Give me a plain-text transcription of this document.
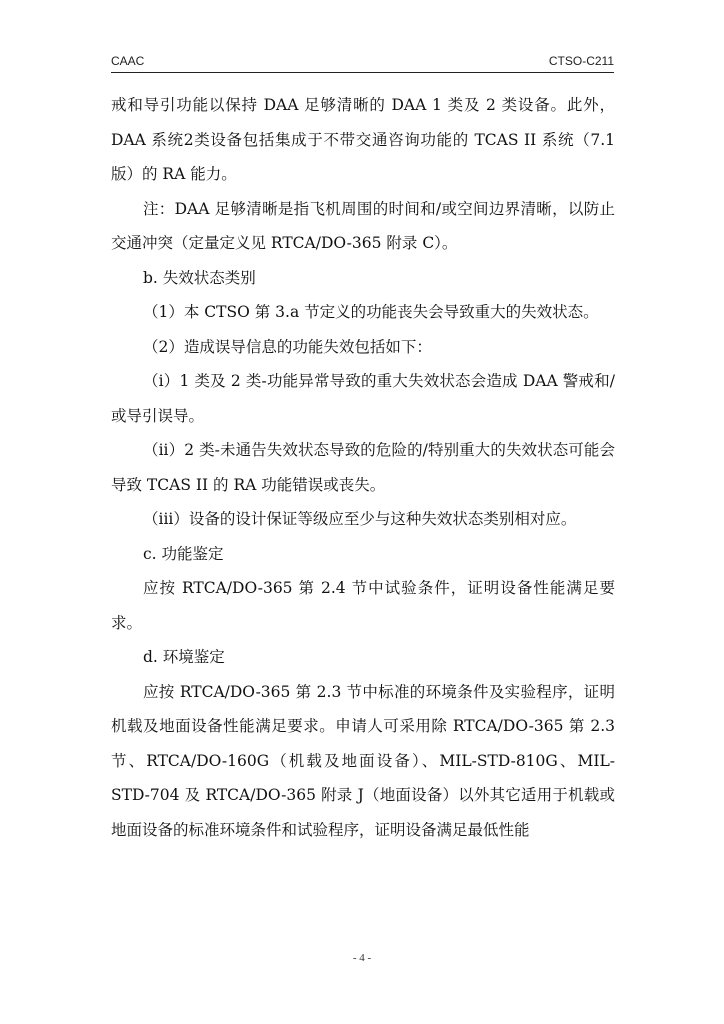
CAAC	CTSO-C211

戒和导引功能以保持 DAA 足够清晰的 DAA 1 类及 2 类设备。此外，DAA 系统2类设备包括集成于不带交通咨询功能的 TCAS II 系统（7.1版）的 RA 能力。

注：DAA 足够清晰是指飞机周围的时间和/或空间边界清晰，以防止交通冲突（定量定义见 RTCA/DO-365 附录 C）。

b. 失效状态类别

（1）本 CTSO 第 3.a 节定义的功能丧失会导致重大的失效状态。

（2）造成误导信息的功能失效包括如下：

（i）1 类及 2 类-功能异常导致的重大失效状态会造成 DAA 警戒和/或导引误导。

（ii）2 类-未通告失效状态导致的危险的/特别重大的失效状态可能会导致 TCAS II 的 RA 功能错误或丧失。

（iii）设备的设计保证等级应至少与这种失效状态类别相对应。

c. 功能鉴定

应按 RTCA/DO-365 第 2.4 节中试验条件，证明设备性能满足要求。

d. 环境鉴定

应按 RTCA/DO-365 第 2.3 节中标准的环境条件及实验程序，证明机载及地面设备性能满足要求。申请人可采用除 RTCA/DO-365 第 2.3 节、RTCA/DO-160G（机载及地面设备）、MIL-STD-810G、MIL-STD-704 及 RTCA/DO-365 附录 J（地面设备）以外其它适用于机载或地面设备的标准环境条件和试验程序，证明设备满足最低性能

- 4 -
